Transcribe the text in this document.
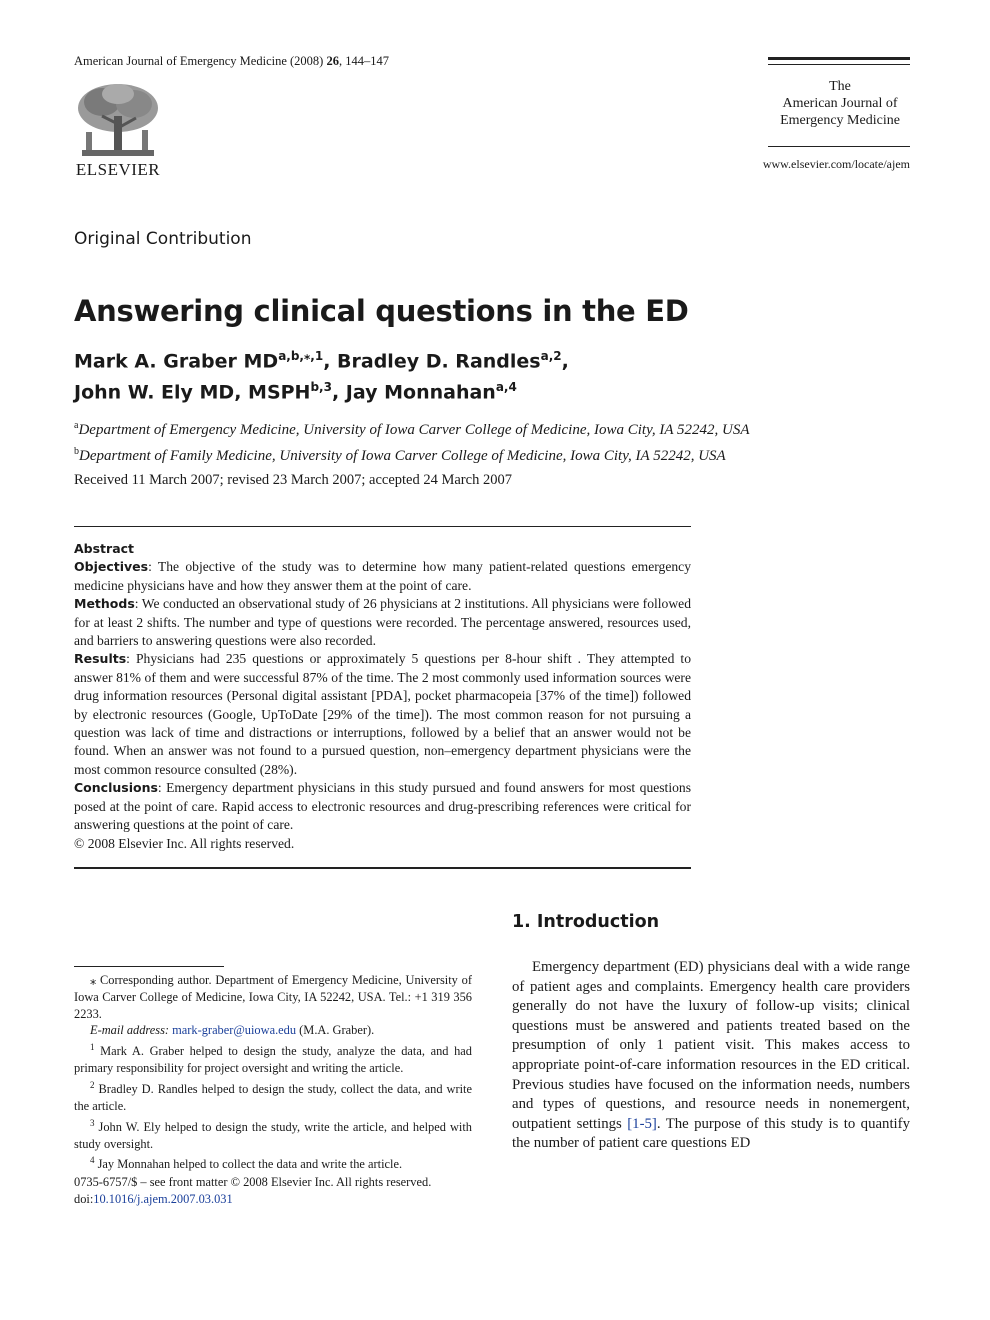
American Journal of Emergency Medicine (2008) 26, 144–147
ELSEVIER
The
American Journal of
Emergency Medicine
www.elsevier.com/locate/ajem
Original Contribution
Answering clinical questions in the ED
Mark A. Graber $MD^{a,b,⁎,1}$, Bradley D. Randles$^{a,2}$,
John W. Ely MD, MSPH$^{b,3}$, Jay Monnahan$^{a,4}$
$^a$Department of Emergency Medicine, University of Iowa Carver College of Medicine, Iowa City, IA 52242, USA
$^b$Department of Family Medicine, University of Iowa Carver College of Medicine, Iowa City, IA 52242, USA
Received 11 March 2007; revised 23 March 2007; accepted 24 March 2007

Abstract

Objectives: The objective of the study was to determine how many patient-related questions emergency medicine physicians have and how they answer them at the point of care.

Methods: We conducted an observational study of 26 physicians at 2 institutions. All physicians were followed for at least 2 shifts. The number and type of questions were recorded. The percentage answered, resources used, and barriers to answering questions were also recorded.

Results: Physicians had 235 questions or approximately 5 questions per 8-hour shift . They attempted to answer 81% of them and were successful 87% of the time. The 2 most commonly used information sources were drug information resources (Personal digital assistant [PDA], pocket pharmacopeia [37% of the time]) followed by electronic resources (Google, UpToDate [29% of the time]). The most common reason for not pursuing a question was lack of time and distractions or interruptions, followed by a belief that an answer would not be found. When an answer was not found to a pursued question, non–emergency department physicians were the most common resource consulted (28%).

Conclusions: Emergency department physicians in this study pursued and found answers for most questions posed at the point of care. Rapid access to electronic resources and drug-prescribing references were critical for answering questions at the point of care.

© 2008 Elsevier Inc. All rights reserved.

1. Introduction
Emergency department (ED) physicians deal with a wide range of patient ages and complaints. Emergency health care providers generally do not have the luxury of follow-up visits; clinical questions must be answered and patients treated based on the presumption of only 1 patient visit. This makes access to appropriate point-of-care information resources in the ED critical. Previous studies have focused on the information needs, numbers and types of questions, and resource needs in nonemergent, outpatient settings [1-5]. The purpose of this study is to quantify the number of patient care questions ED

⁎ Corresponding author. Department of Emergency Medicine, University of Iowa Carver College of Medicine, Iowa City, IA 52242, USA. Tel.: +1 319 356 2233.

E-mail address: mark-graber@uiowa.edu (M.A. Graber).

$^1$ Mark A. Graber helped to design the study, analyze the data, and had primary responsibility for project oversight and writing the article.

$^2$ Bradley D. Randles helped to design the study, collect the data, and write the article.

$^3$ John W. Ely helped to design the study, write the article, and helped with study oversight.

$^4$ Jay Monnahan helped to collect the data and write the article.

0735-6757/$ – see front matter © 2008 Elsevier Inc. All rights reserved.
doi:10.1016/j.ajem.2007.03.031
